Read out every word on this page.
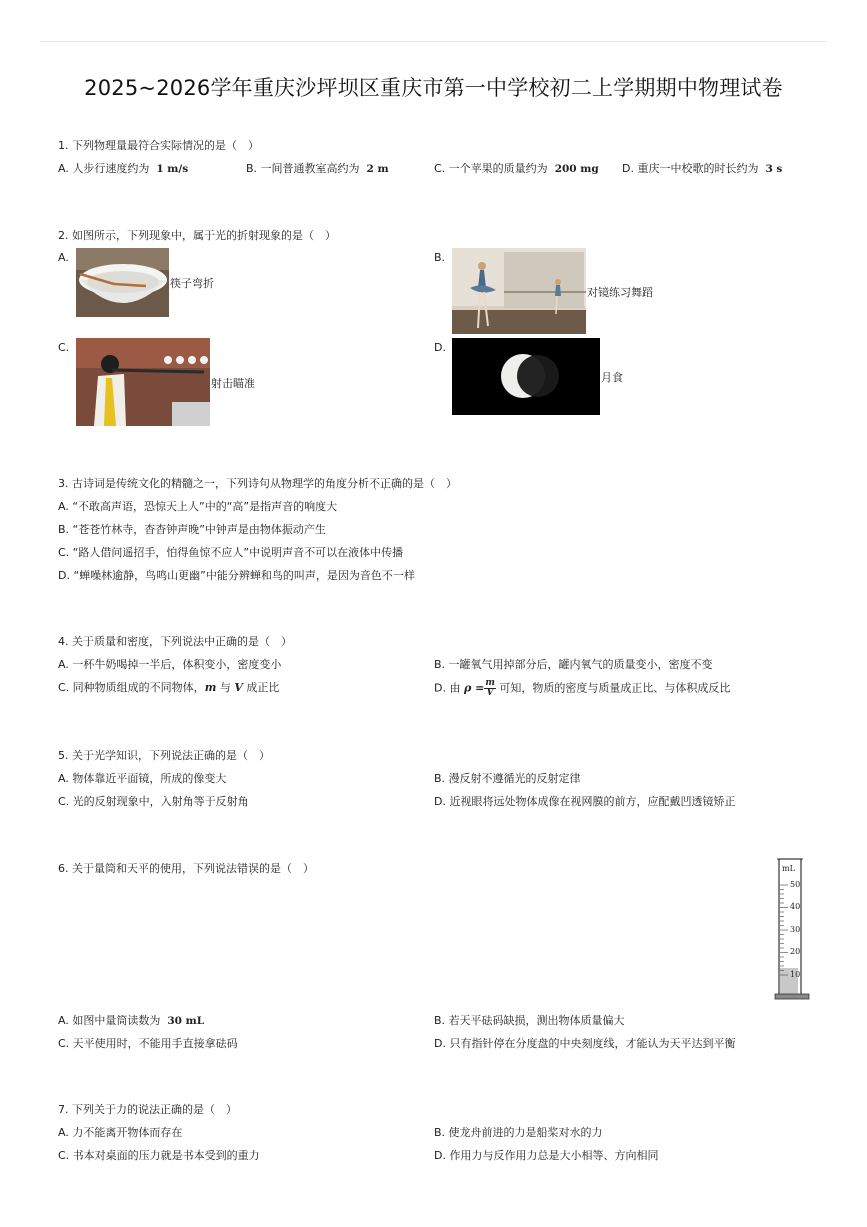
2025~2026学年重庆沙坪坝区重庆市第一中学校初二上学期期中物理试卷
1. 下列物理量最符合实际情况的是（　）
A. 人步行速度约为 1 m/s	B. 一间普通教室高约为 2 m	C. 一个苹果的质量约为 200 mg D. 重庆一中校歌的时长约为 3 s
2. 如图所示，下列现象中，属于光的折射现象的是（　）
A.
筷子弯折
B.
对镜练习舞蹈
C.
射击瞄准
D.
月食
3. 古诗词是传统文化的精髓之一，下列诗句从物理学的角度分析不正确 · · ·的是（　）
A. “不敢高声语，恐惊天上人”中的“高”是指声音的响度大
B. “苍苍竹林寺，杳杳钟声晚”中钟声是由物体振动产生
C. “路人借问遥招手，怕得鱼惊不应人”中说明声音不可以在液体中传播
D. “蝉噪林逾静，鸟鸣山更幽”中能分辨蝉和鸟的叫声，是因为音色不一样
4. 关于质量和密度，下列说法中正确的是（　）
A. 一杯牛奶喝掉一半后，体积变小，密度变小	B. 一罐氧气用掉部分后，罐内氧气的质量变小，密度不变
C. 同种物质组成的不同物体，m 与 V 成正比	D. 由 $\rho = \frac{m}{V}$ 可知，物质的密度与质量成正比、与体积成反比
5. 关于光学知识，下列说法正确的是（　）
A. 物体靠近平面镜，所成的像变大	B. 漫反射不遵循光的反射定律
C. 光的反射现象中，入射角等于反射角	D. 近视眼将远处物体成像在视网膜的前方，应配戴凹透镜矫正
6. 关于量筒和天平的使用，下列说法错误 · ·的是（　）	mL
50
40
30
20
10
A. 如图中量筒读数为 30 mL	B. 若天平砝码缺损，测出物体质量偏大
C. 天平使用时，不能用手直接拿砝码	D. 只有指针停在分度盘的中央刻度线，才能认为天平达到平衡
7. 下列关于力的说法正确的是（　）
A. 力不能离开物体而存在	B. 使龙舟前进的力是船桨对水的力
C. 书本对桌面的压力就是书本受到的重力	D. 作用力与反作用力总是大小相等、方向相同
